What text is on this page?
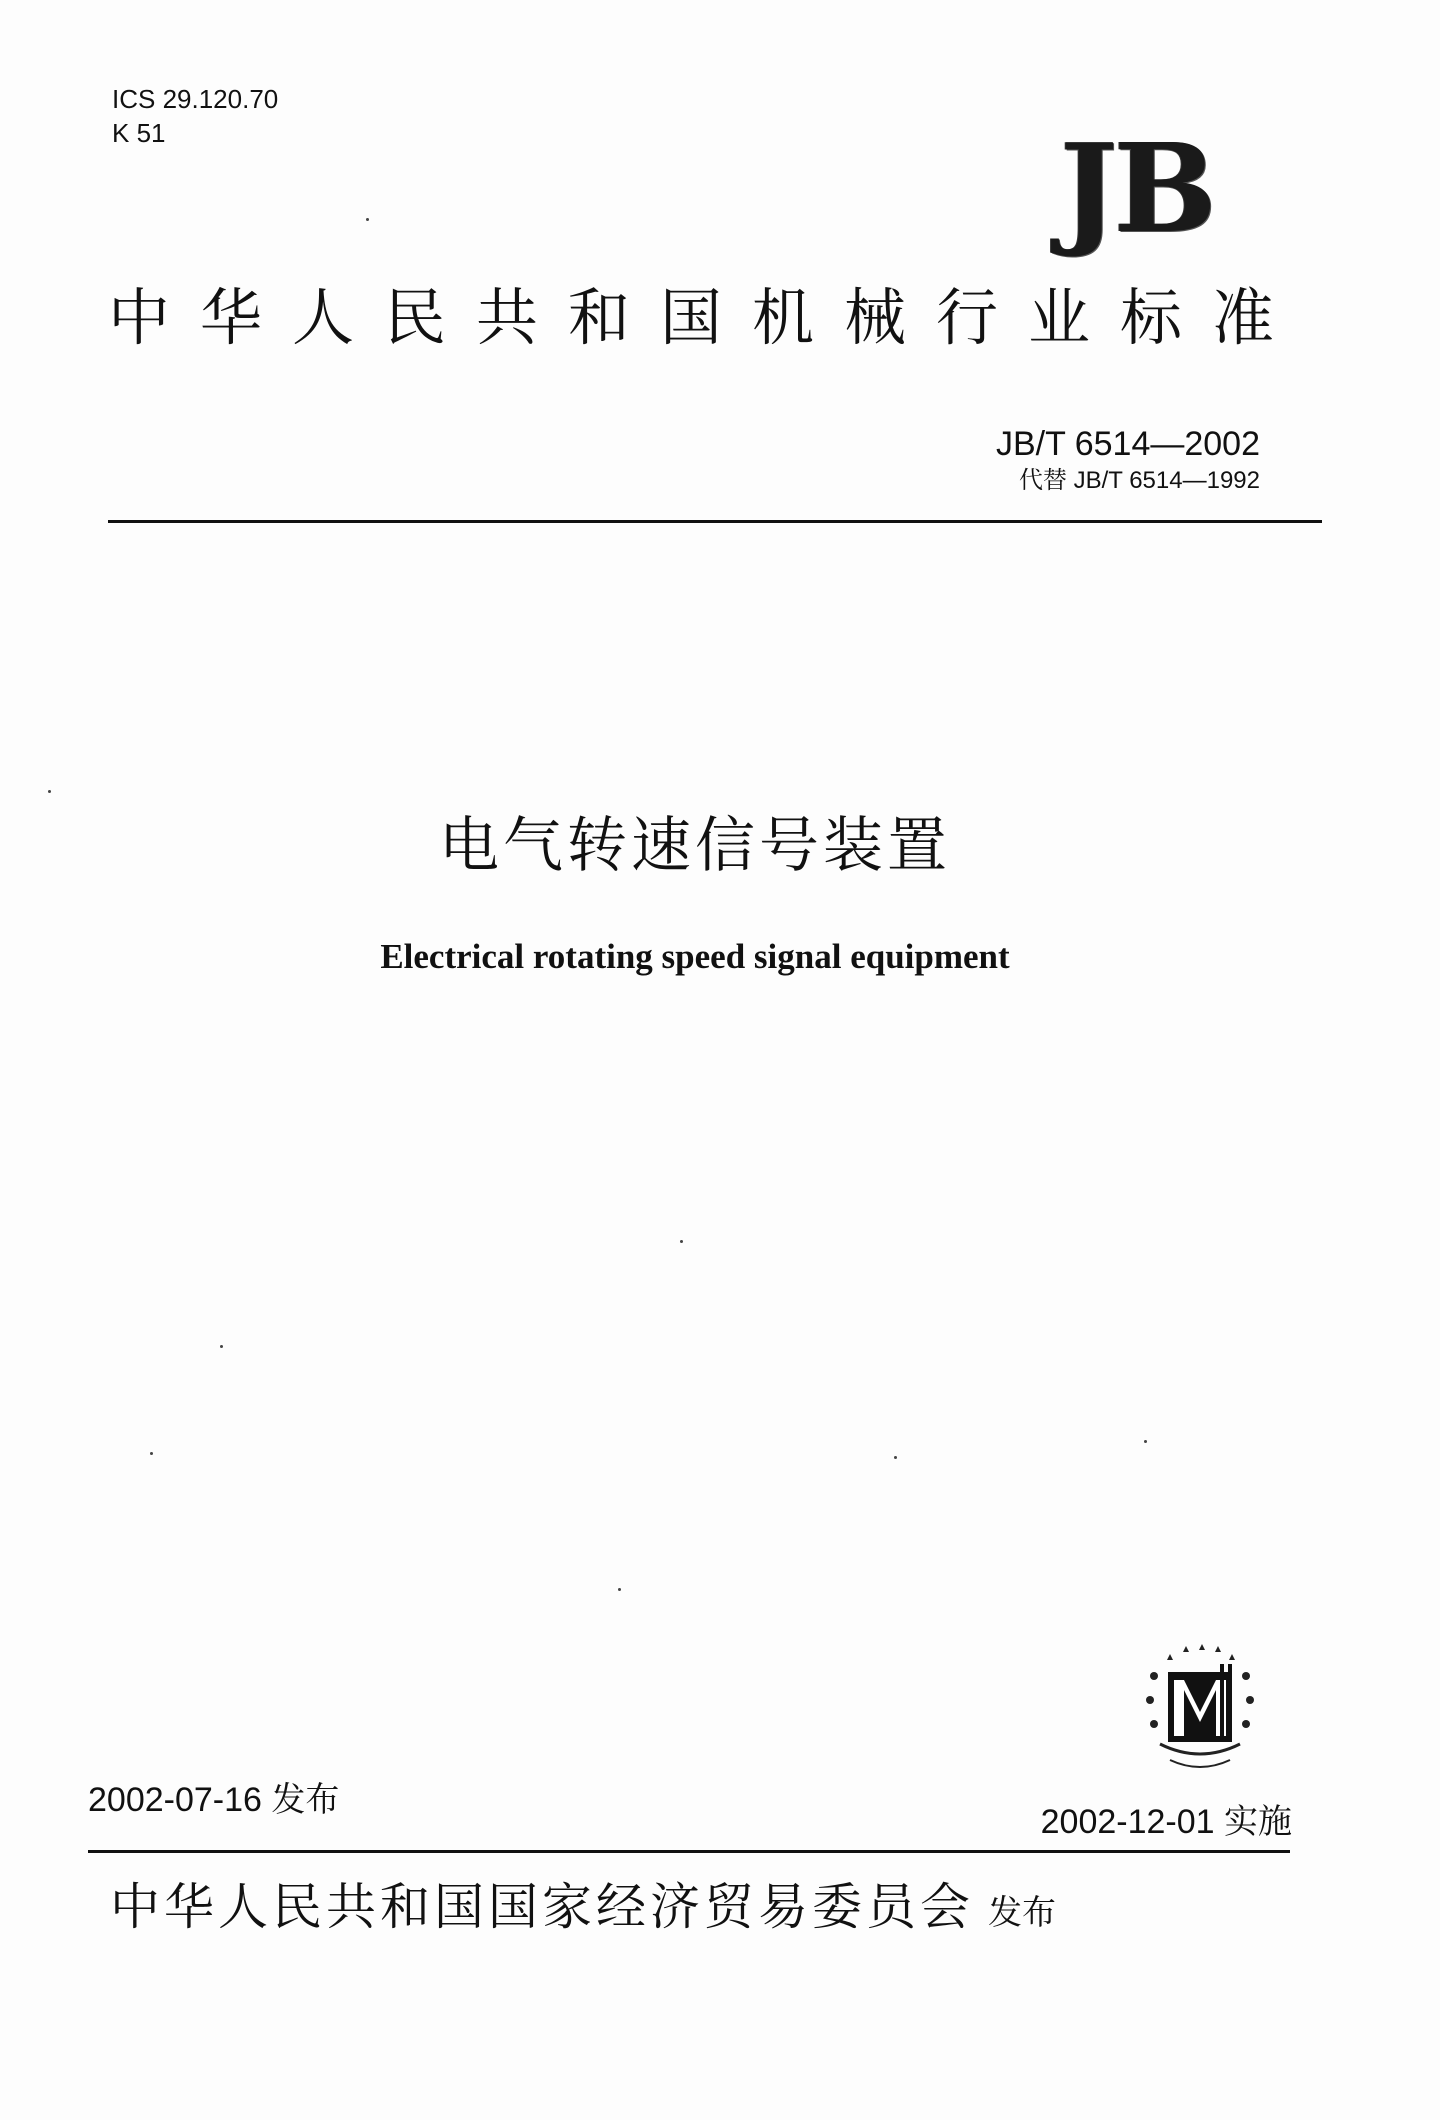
ICS 29.120.70
K 51	JB
中华人民共和国机械行业标准
JB/T 6514—2002
代替 JB/T 6514—1992
电气转速信号装置
Electrical rotating speed signal equipment
2002-07-16 发布
2002-12-01 实施
中华人民共和国国家经济贸易委员会 发布
